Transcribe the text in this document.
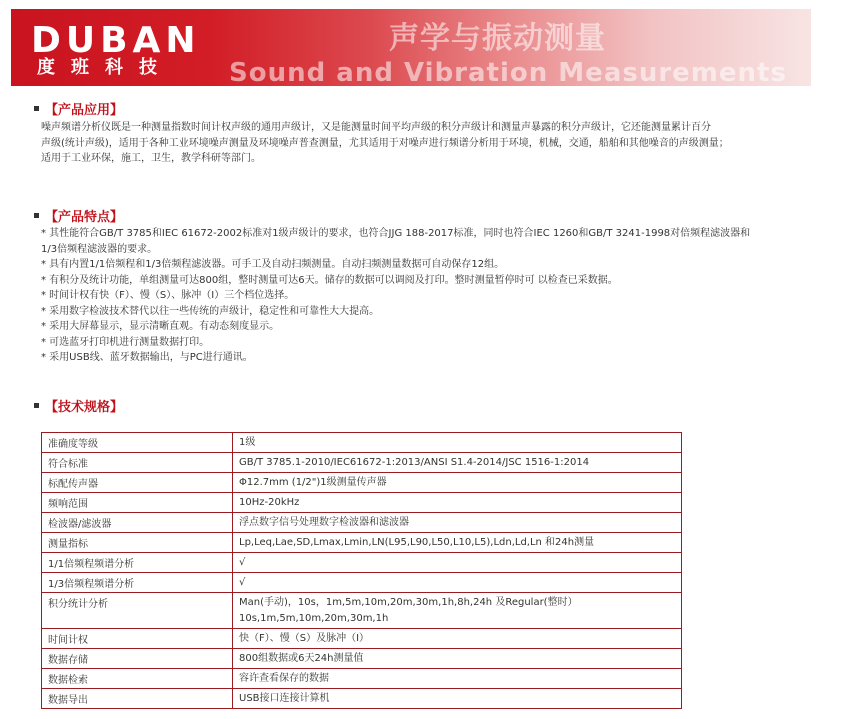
DUBAN
度班科技
声学与振动测量
Sound and Vibration Measurements
【产品应用】
噪声频谱分析仪既是一种测量指数时间计权声级的通用声级计，又是能测量时间平均声级的积分声级计和测量声暴露的积分声级计，它还能测量累计百分
声级(统计声级)，适用于各种工业环境噪声测量及环境噪声普查测量，尤其适用于对噪声进行频谱分析用于环境，机械，交通，船舶和其他噪音的声级测量；
适用于工业环保，施工，卫生，教学科研等部门。
【产品特点】
* 其性能符合GB/T 3785和IEC 61672-2002标准对1级声级计的要求，也符合JJG 188-2017标准，同时也符合IEC 1260和GB/T 3241-1998对倍频程滤波器和
1/3倍频程滤波器的要求。
* 具有内置1/1倍频程和1/3倍频程滤波器。可手工及自动扫频测量。自动扫频测量数据可自动保存12组。
* 有积分及统计功能，单组测量可达800组，整时测量可达6天。储存的数据可以调阅及打印。整时测量暂停时可 以检查已采数据。
* 时间计权有快（F）、慢（S）、脉冲（I）三个档位选择。
* 采用数字检波技术替代以往一些传统的声级计，稳定性和可靠性大大提高。
* 采用大屏幕显示，显示清晰直观。有动态刻度显示。
* 可选蓝牙打印机进行测量数据打印。
* 采用USB线、蓝牙数据输出，与PC进行通讯。
【技术规格】
准确度等级	1级

符合标准	GB/T 3785.1-2010/IEC61672-1:2013/ANSI S1.4-2014/JSC 1516-1:2014

标配传声器	Φ12.7mm (1/2")1级测量传声器

频响范围	10Hz-20kHz

检波器/滤波器	浮点数字信号处理数字检波器和滤波器

测量指标	Lp,Leq,Lae,SD,Lmax,Lmin,LN(L95,L90,L50,L10,L5),Ldn,Ld,Ln 和24h测量

1/1倍频程频谱分析	√

1/3倍频程频谱分析	√

积分统计分析	Man(手动)，10s，1m,5m,10m,20m,30m,1h,8h,24h 及Regular(整时）
10s,1m,5m,10m,20m,30m,1h

时间计权	快（F）、慢（S）及脉冲（I）

数据存储	800组数据或6天24h测量值

数据检索	容许查看保存的数据

数据导出	USB接口连接计算机
